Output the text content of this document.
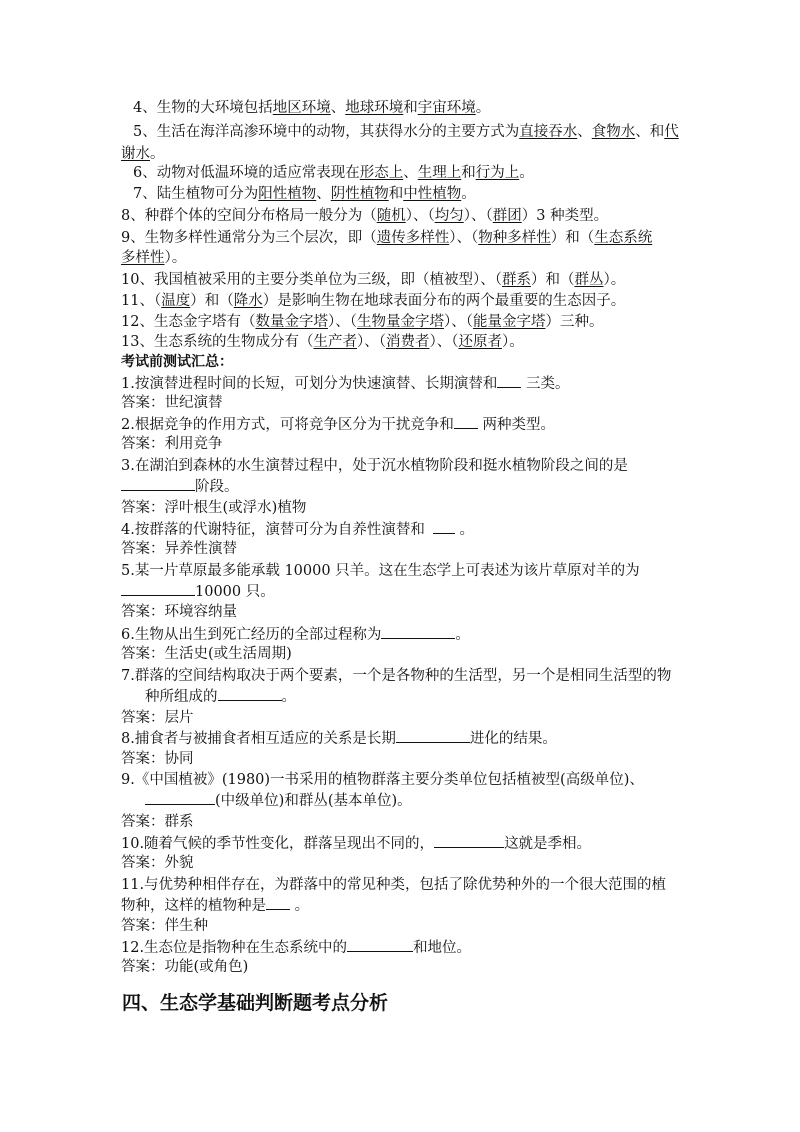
4、生物的大环境包括地区环境、地球环境和宇宙环境。
5、生活在海洋高渗环境中的动物，其获得水分的主要方式为直接吞水、食物水、和代
谢水。
6、动物对低温环境的适应常表现在形态上、生理上和行为上。
7、陆生植物可分为阳性植物、阴性植物和中性植物。
8、种群个体的空间分布格局一般分为（随机）、（均匀）、（群团）3 种类型。
9、生物多样性通常分为三个层次，即（遗传多样性）、（物种多样性）和（生态系统
多样性）。
10、我国植被采用的主要分类单位为三级，即（植被型）、（群系）和（群丛）。
11、（温度）和（降水）是影响生物在地球表面分布的两个最重要的生态因子。
12、生态金字塔有（数量金字塔）、（生物量金字塔）、（能量金字塔）三种。
13、生态系统的生物成分有（生产者）、（消费者）、（还原者）。
考试前测试汇总：
1.按演替进程时间的长短，可划分为快速演替、长期演替和 三类。
答案：世纪演替
2.根据竞争的作用方式，可将竞争区分为干扰竞争和 两种类型。
答案：利用竞争
3.在湖泊到森林的水生演替过程中，处于沉水植物阶段和挺水植物阶段之间的是
阶段。
答案：浮叶根生(或浮水)植物
4.按群落的代谢特征，演替可分为自养性演替和 。
答案：异养性演替
5.某一片草原最多能承载 10000 只羊。这在生态学上可表述为该片草原对羊的为
10000 只。
答案：环境容纳量
6.生物从出生到死亡经历的全部过程称为	。
答案：生活史(或生活周期)
7.群落的空间结构取决于两个要素，一个是各物种的生活型，另一个是相同生活型的物
种所组成的	。
答案：层片
8.捕食者与被捕食者相互适应的关系是长期	进化的结果。
答案：协同
9.《中国植被》(1980)一书采用的植物群落主要分类单位包括植被型(高级单位)、
(中级单位)和群丛(基本单位)。
答案：群系
10.随着气候的季节性变化，群落呈现出不同的，	这就是季相。
答案：外貌
11.与优势种相伴存在，为群落中的常见种类，包括了除优势种外的一个很大范围的植
物种，这样的植物种是 。
答案：伴生种
12.生态位是指物种在生态系统中的	和地位。
答案：功能(或角色)
四、生态学基础判断题考点分析
